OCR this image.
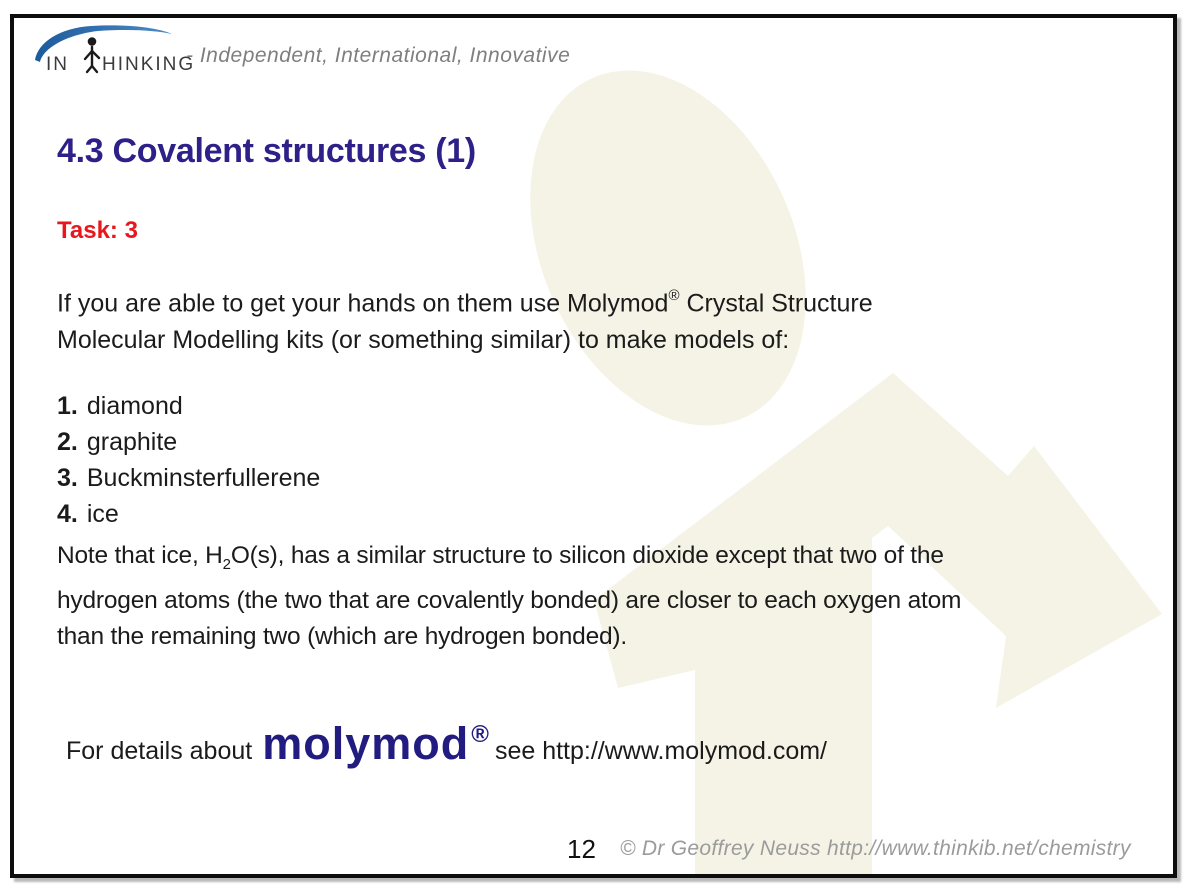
IN HINKING
- Independent, International, Innovative
4.3 Covalent structures (1)
Task: 3
If you are able to get your hands on them use Molymod® Crystal Structure
Molecular Modelling kits (or something similar) to make models of:
1. diamond
2. graphite
3. Buckminsterfullerene
4. ice
Note that ice, $H_2O(s)$, has a similar structure to silicon dioxide except that two of the
hydrogen atoms (the two that are covalently bonded) are closer to each oxygen atom
than the remaining two (which are hydrogen bonded).
For details about molymod ®
see http://www.molymod.com/
12 © Dr Geoffrey Neuss http://www.thinkib.net/chemistry
